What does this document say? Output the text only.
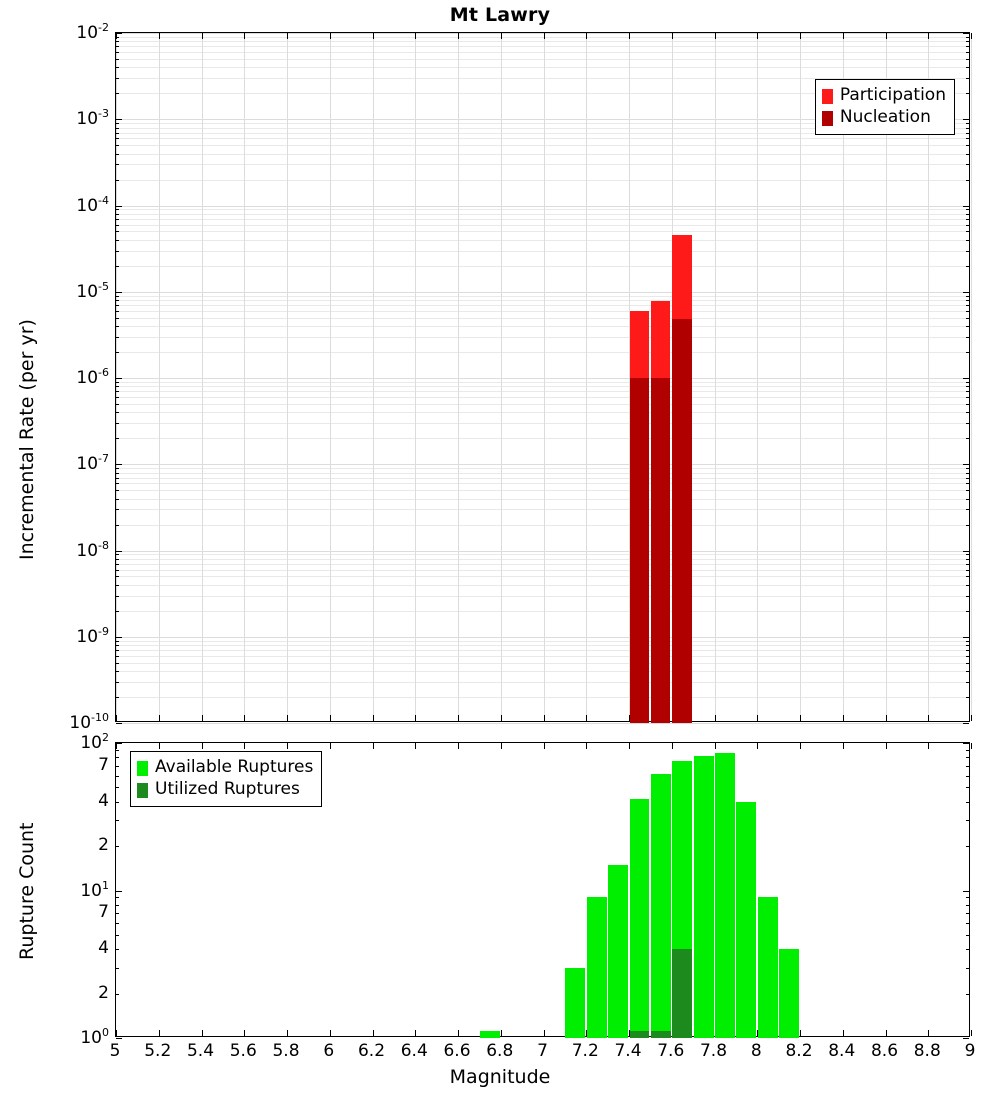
Mt Lawry
Participation
Nucleation
$10^{-2}$
$10^{-3}$
$10^{-4}$
$10^{-5}$
$10^{-6}$
$10^{-7}$
$10^{-8}$
$10^{-9}$
$10^{-10}$
Available Ruptures
Utilized Ruptures
$10^2$
7
4
2
$10^1$
7
4
2
$10^0$
5 5.2 5.4 5.6 5.8 6 6.2 6.4 6.6 6.8 7 7.2 7.4 7.6 7.8 8 8.2 8.4 8.6 8.8 9
Magnitude
Incremental Rate (per yr)
Rupture Count
